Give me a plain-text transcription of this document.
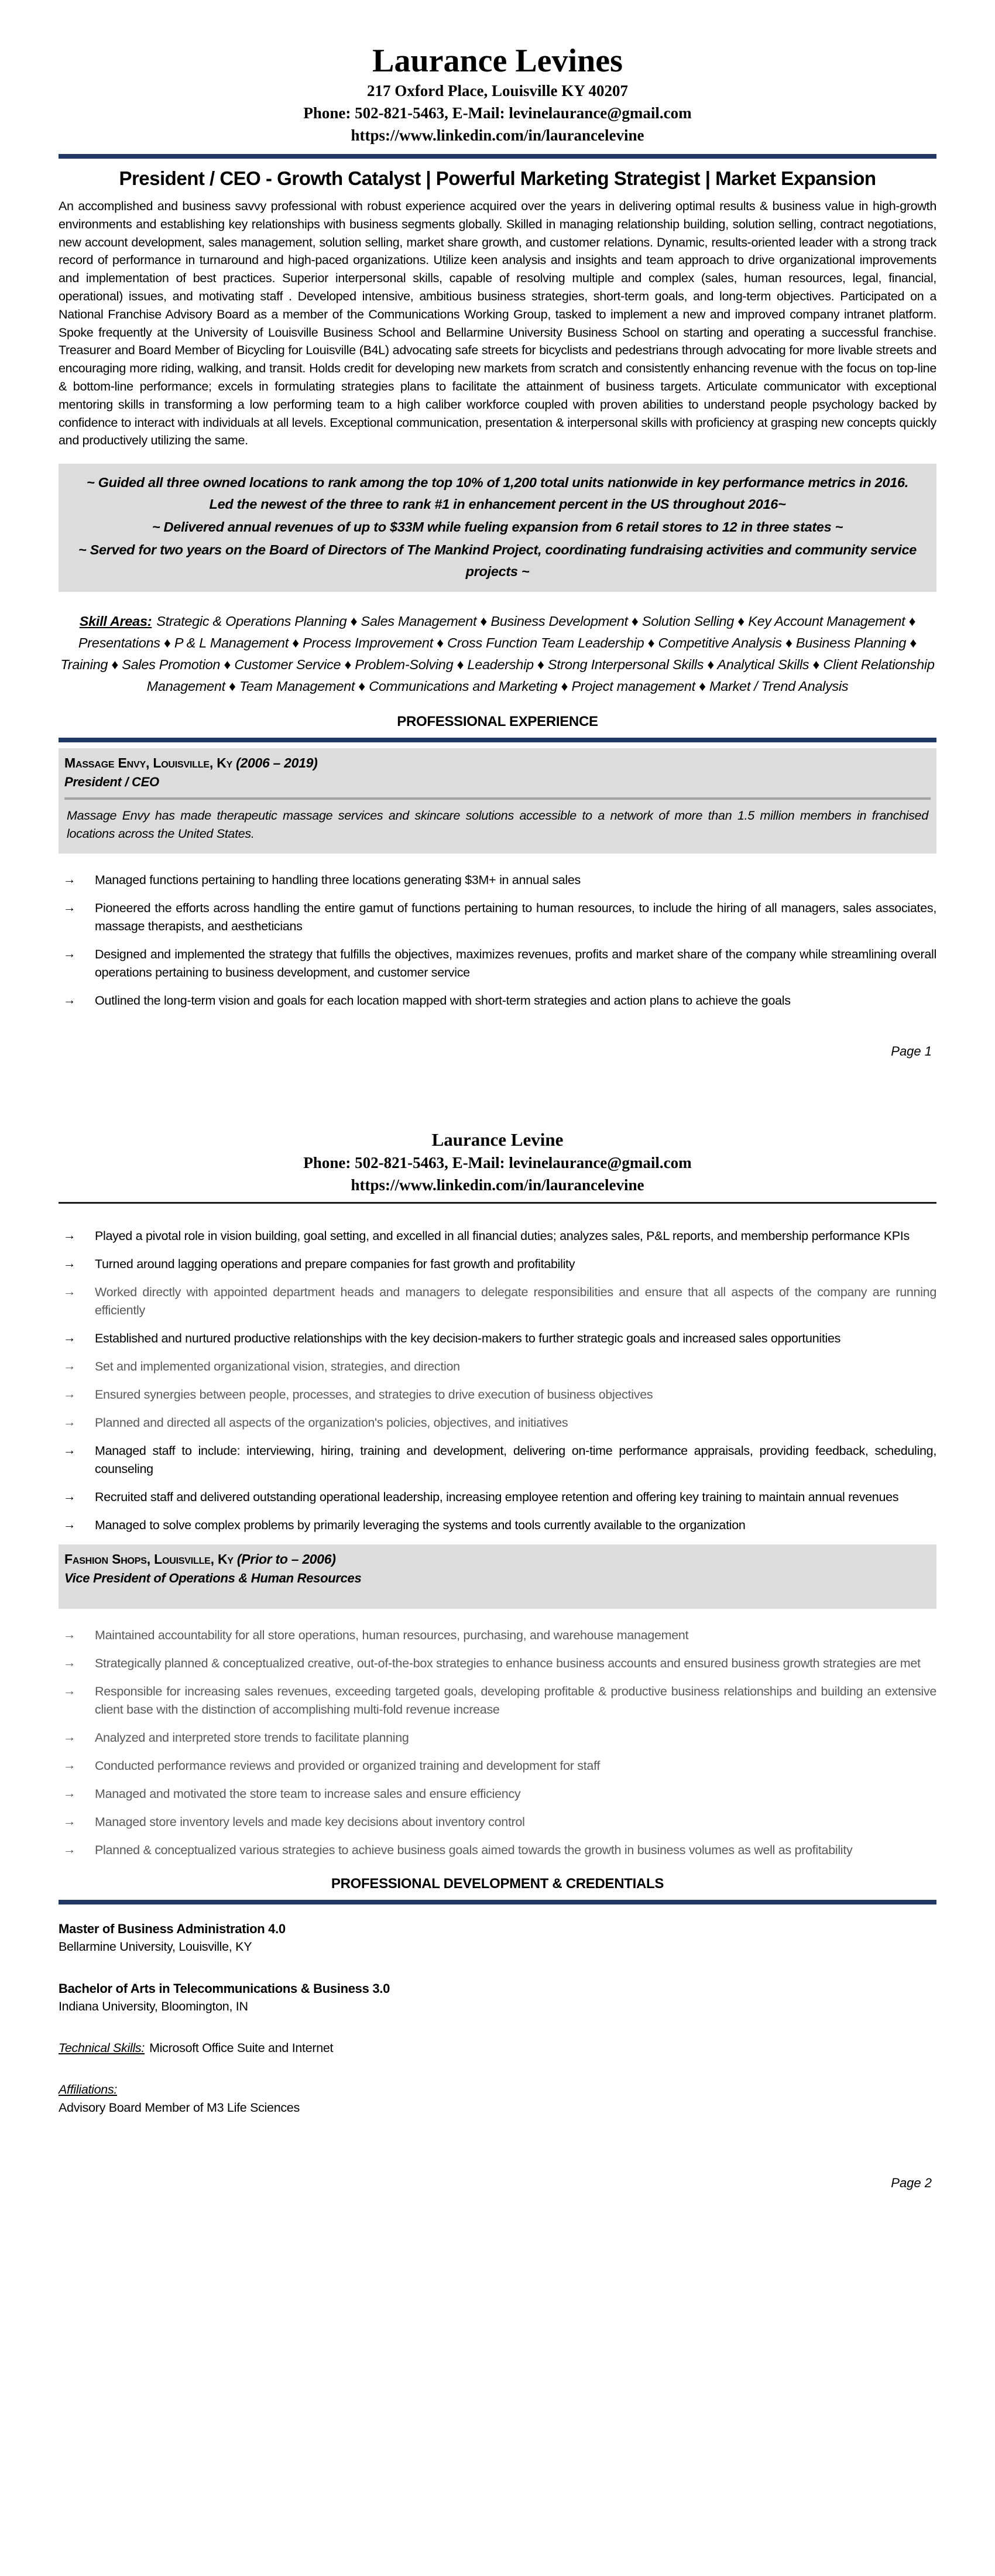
Laurance Levines
217 Oxford Place, Louisville KY 40207
Phone: 502-821-5463, E-Mail: levinelaurance@gmail.com
https://www.linkedin.com/in/laurancelevine
President / CEO - Growth Catalyst | Powerful Marketing Strategist | Market Expansion
An accomplished and business savvy professional with robust experience acquired over the years in delivering optimal results & business value in high-growth environments and establishing key relationships with business segments globally. Skilled in managing relationship building, solution selling, contract negotiations, new account development, sales management, solution selling, market share growth, and customer relations. Dynamic, results-oriented leader with a strong track record of performance in turnaround and high-paced organizations. Utilize keen analysis and insights and team approach to drive organizational improvements and implementation of best practices. Superior interpersonal skills, capable of resolving multiple and complex (sales, human resources, legal, financial, operational) issues, and motivating staff . Developed intensive, ambitious business strategies, short-term goals, and long-term objectives. Participated on a National Franchise Advisory Board as a member of the Communications Working Group, tasked to implement a new and improved company intranet platform. Spoke frequently at the University of Louisville Business School and Bellarmine University Business School on starting and operating a successful franchise. Treasurer and Board Member of Bicycling for Louisville (B4L) advocating safe streets for bicyclists and pedestrians through advocating for more livable streets and encouraging more riding, walking, and transit. Holds credit for developing new markets from scratch and consistently enhancing revenue with the focus on top-line & bottom-line performance; excels in formulating strategies plans to facilitate the attainment of business targets. Articulate communicator with exceptional mentoring skills in transforming a low performing team to a high caliber workforce coupled with proven abilities to understand people psychology backed by confidence to interact with individuals at all levels. Exceptional communication, presentation & interpersonal skills with proficiency at grasping new concepts quickly and productively utilizing the same.
~ Guided all three owned locations to rank among the top 10% of 1,200 total units nationwide in key performance metrics in 2016. Led the newest of the three to rank #1 in enhancement percent in the US throughout 2016~
~ Delivered annual revenues of up to $33M while fueling expansion from 6 retail stores to 12 in three states ~
~ Served for two years on the Board of Directors of The Mankind Project, coordinating fundraising activities and community service projects ~
Skill Areas: Strategic & Operations Planning ♦ Sales Management ♦ Business Development ♦ Solution Selling ♦ Key Account Management ♦ Presentations ♦ P & L Management ♦ Process Improvement ♦ Cross Function Team Leadership ♦ Competitive Analysis ♦ Business Planning ♦ Training ♦ Sales Promotion ♦ Customer Service ♦ Problem-Solving ♦ Leadership ♦ Strong Interpersonal Skills ♦ Analytical Skills ♦ Client Relationship Management ♦ Team Management ♦ Communications and Marketing ♦ Project management ♦ Market / Trend Analysis
PROFESSIONAL EXPERIENCE
Massage Envy, Louisville, Ky (2006 – 2019)
President / CEO
Massage Envy has made therapeutic massage services and skincare solutions accessible to a network of more than 1.5 million members in franchised locations across the United States.
→ Managed functions pertaining to handling three locations generating $3M+ in annual sales
→ Pioneered the efforts across handling the entire gamut of functions pertaining to human resources, to include the hiring of all managers, sales associates, massage therapists, and aestheticians
→ Designed and implemented the strategy that fulfills the objectives, maximizes revenues, profits and market share of the company while streamlining overall operations pertaining to business development, and customer service
→ Outlined the long-term vision and goals for each location mapped with short-term strategies and action plans to achieve the goals
Page 1
Laurance Levine
Phone: 502-821-5463, E-Mail: levinelaurance@gmail.com
https://www.linkedin.com/in/laurancelevine
→ Played a pivotal role in vision building, goal setting, and excelled in all financial duties; analyzes sales, P&L reports, and membership performance KPIs
→ Turned around lagging operations and prepare companies for fast growth and profitability
→ Worked directly with appointed department heads and managers to delegate responsibilities and ensure that all aspects of the company are running efficiently
→ Established and nurtured productive relationships with the key decision-makers to further strategic goals and increased sales opportunities
→ Set and implemented organizational vision, strategies, and direction
→ Ensured synergies between people, processes, and strategies to drive execution of business objectives
→ Planned and directed all aspects of the organization's policies, objectives, and initiatives
→ Managed staff to include: interviewing, hiring, training and development, delivering on-time performance appraisals, providing feedback, scheduling, counseling
→ Recruited staff and delivered outstanding operational leadership, increasing employee retention and offering key training to maintain annual revenues
→ Managed to solve complex problems by primarily leveraging the systems and tools currently available to the organization
Fashion Shops, Louisville, Ky (Prior to – 2006)
Vice President of Operations & Human Resources
→ Maintained accountability for all store operations, human resources, purchasing, and warehouse management
→ Strategically planned & conceptualized creative, out-of-the-box strategies to enhance business accounts and ensured business growth strategies are met
→ Responsible for increasing sales revenues, exceeding targeted goals, developing profitable & productive business relationships and building an extensive client base with the distinction of accomplishing multi-fold revenue increase
→ Analyzed and interpreted store trends to facilitate planning
→ Conducted performance reviews and provided or organized training and development for staff
→ Managed and motivated the store team to increase sales and ensure efficiency
→ Managed store inventory levels and made key decisions about inventory control
→ Planned & conceptualized various strategies to achieve business goals aimed towards the growth in business volumes as well as profitability
PROFESSIONAL DEVELOPMENT & CREDENTIALS
Master of Business Administration 4.0
Bellarmine University, Louisville, KY
Bachelor of Arts in Telecommunications & Business 3.0
Indiana University, Bloomington, IN
Technical Skills: Microsoft Office Suite and Internet
Affiliations:
Advisory Board Member of M3 Life Sciences
Page 2
